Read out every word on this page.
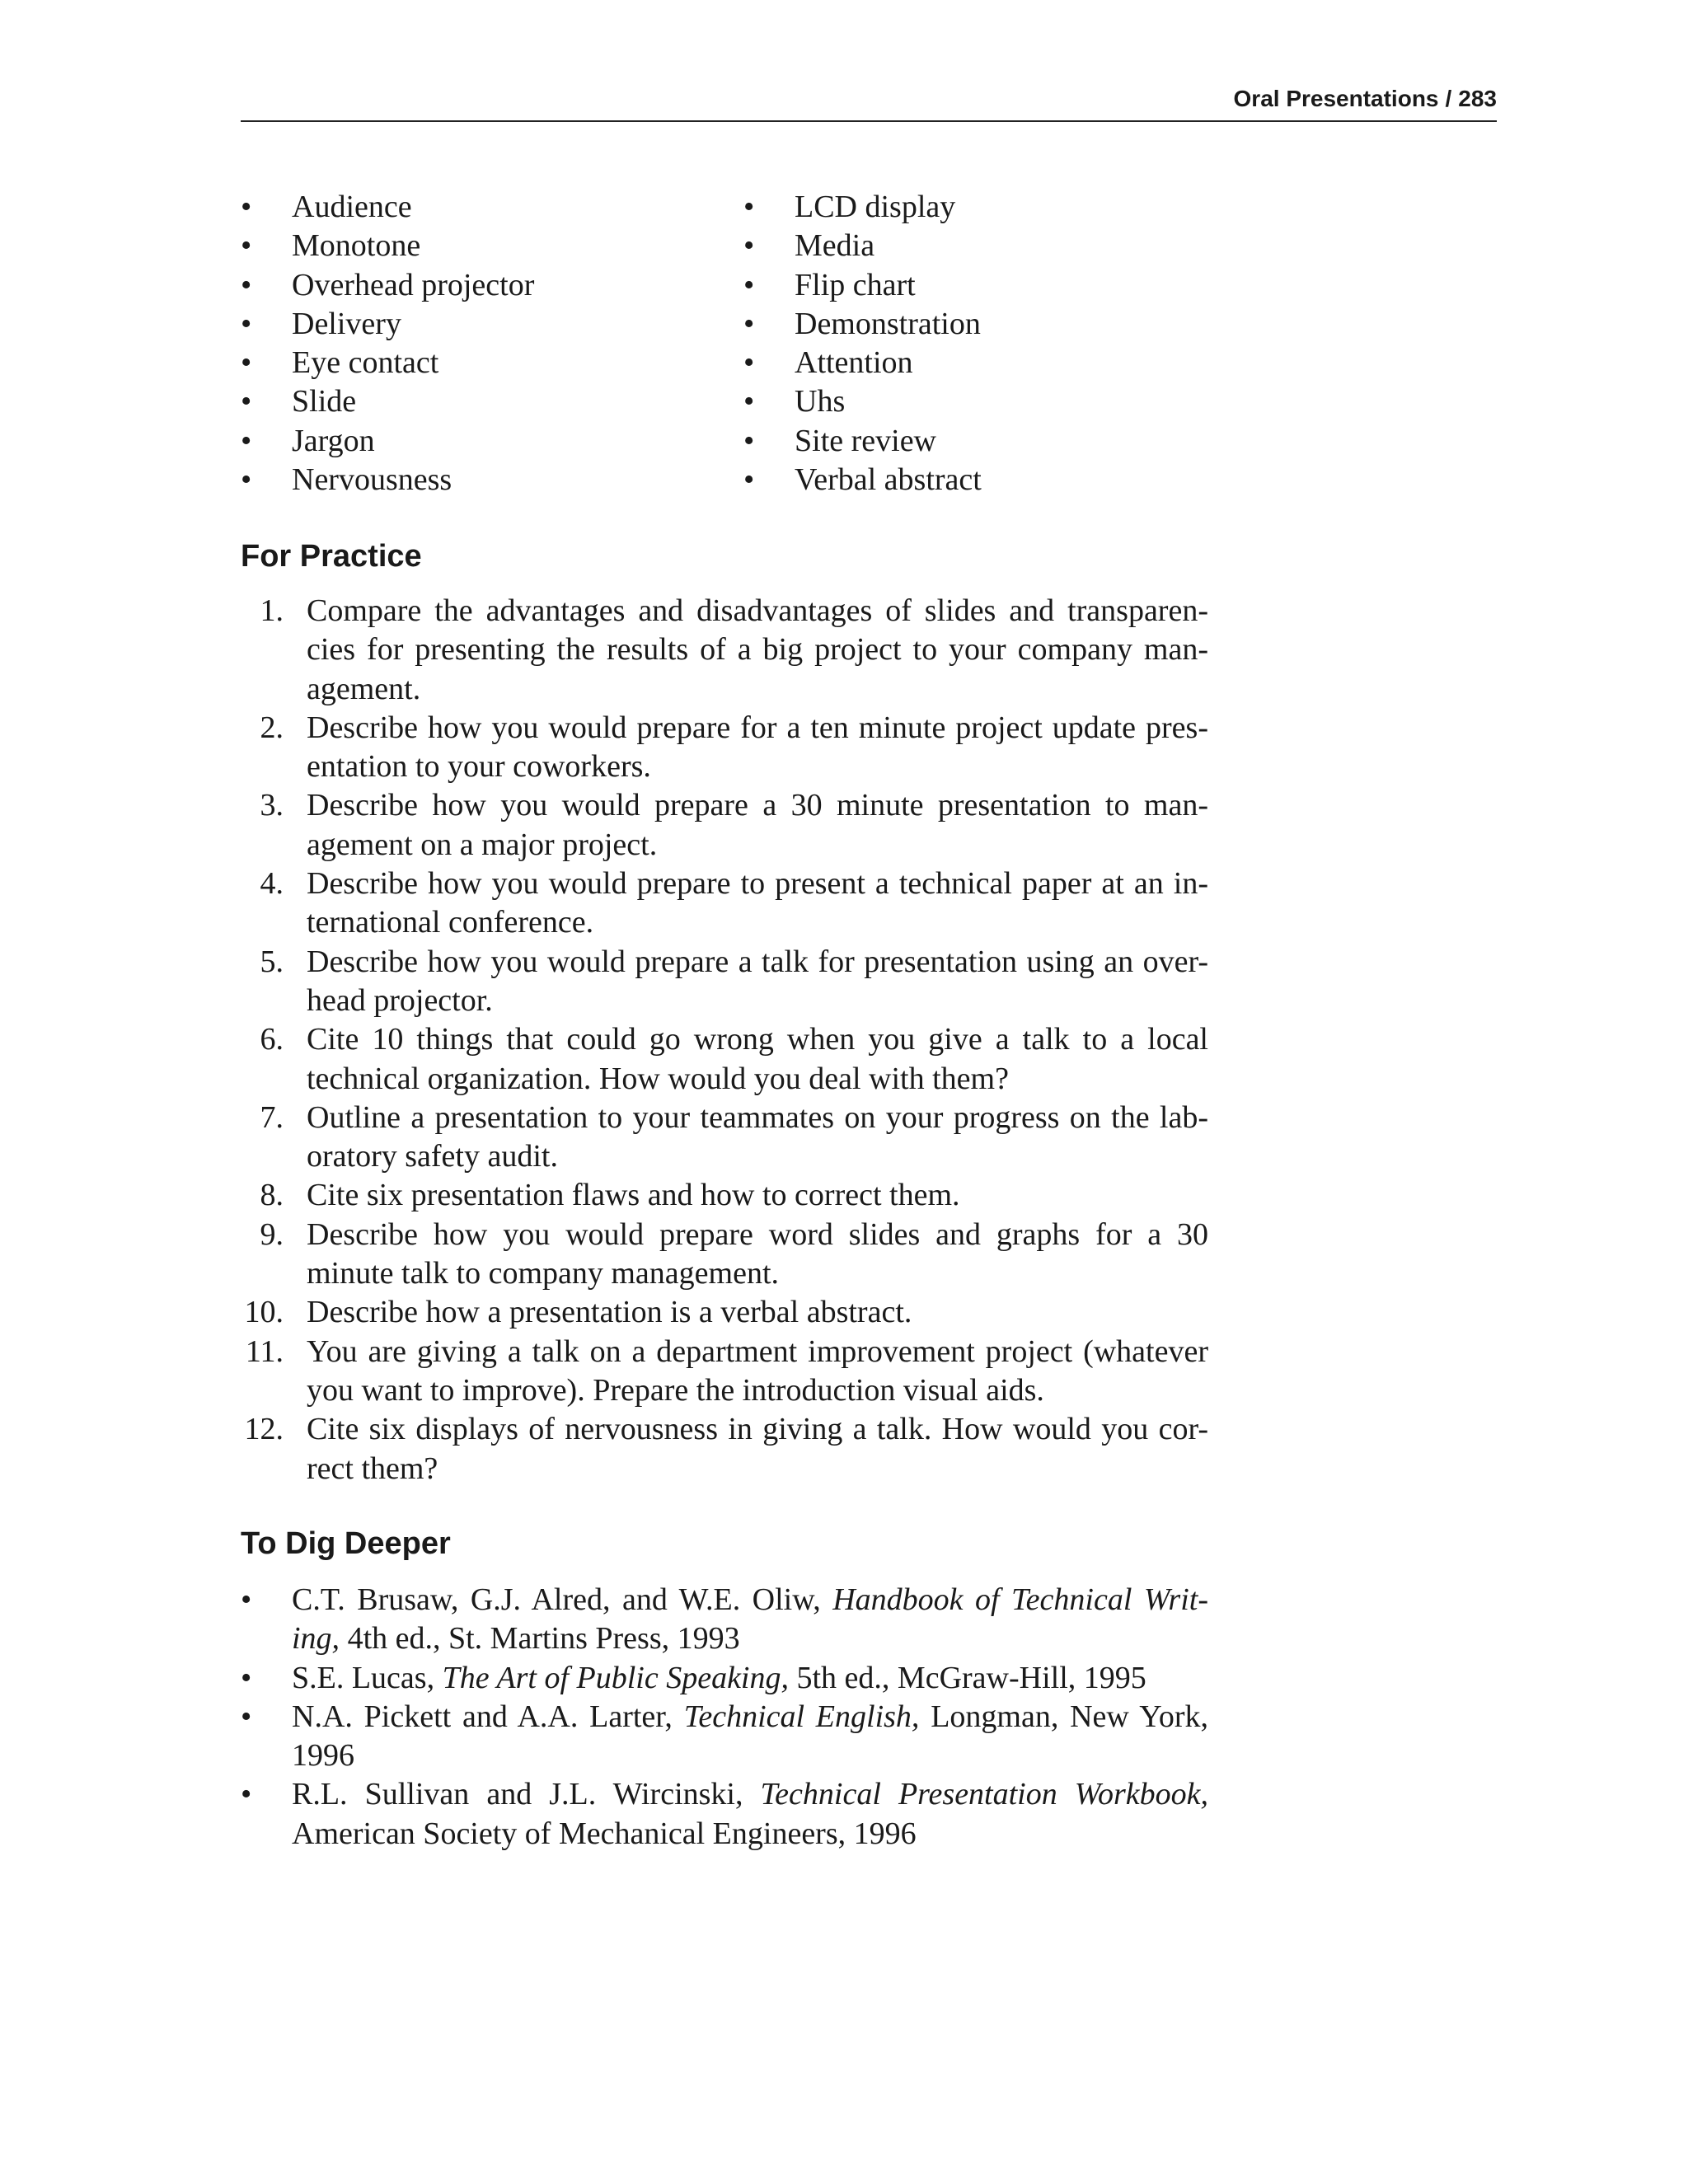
Oral Presentations / 283
• Audience
• Monotone
• Overhead projector
• Delivery
• Eye contact
• Slide
• Jargon
• Nervousness
• LCD display
• Media
• Flip chart
• Demonstration
• Attention
• Uhs
• Site review
• Verbal abstract
For Practice
1. Compare the advantages and disadvantages of slides and transparen-cies for presenting the results of a big project to your company man-agement.
2. Describe how you would prepare for a ten minute project update pres-entation to your coworkers.
3. Describe how you would prepare a 30 minute presentation to man-agement on a major project.
4. Describe how you would prepare to present a technical paper at an in-ternational conference.
5. Describe how you would prepare a talk for presentation using an over-head projector.
6. Cite 10 things that could go wrong when you give a talk to a local technical organization. How would you deal with them?
7. Outline a presentation to your teammates on your progress on the lab-oratory safety audit.
8. Cite six presentation flaws and how to correct them.
9. Describe how you would prepare word slides and graphs for a 30 minute talk to company management.
10. Describe how a presentation is a verbal abstract.
11. You are giving a talk on a department improvement project (whatever you want to improve). Prepare the introduction visual aids.
12. Cite six displays of nervousness in giving a talk. How would you cor-rect them?
To Dig Deeper
• C.T. Brusaw, G.J. Alred, and W.E. Oliw, Handbook of Technical Writ-ing, 4th ed., St. Martins Press, 1993
• S.E. Lucas, The Art of Public Speaking, 5th ed., McGraw-Hill, 1995
• N.A. Pickett and A.A. Larter, Technical English, Longman, New York, 1996
• R.L. Sullivan and J.L. Wircinski, Technical Presentation Workbook, American Society of Mechanical Engineers, 1996
